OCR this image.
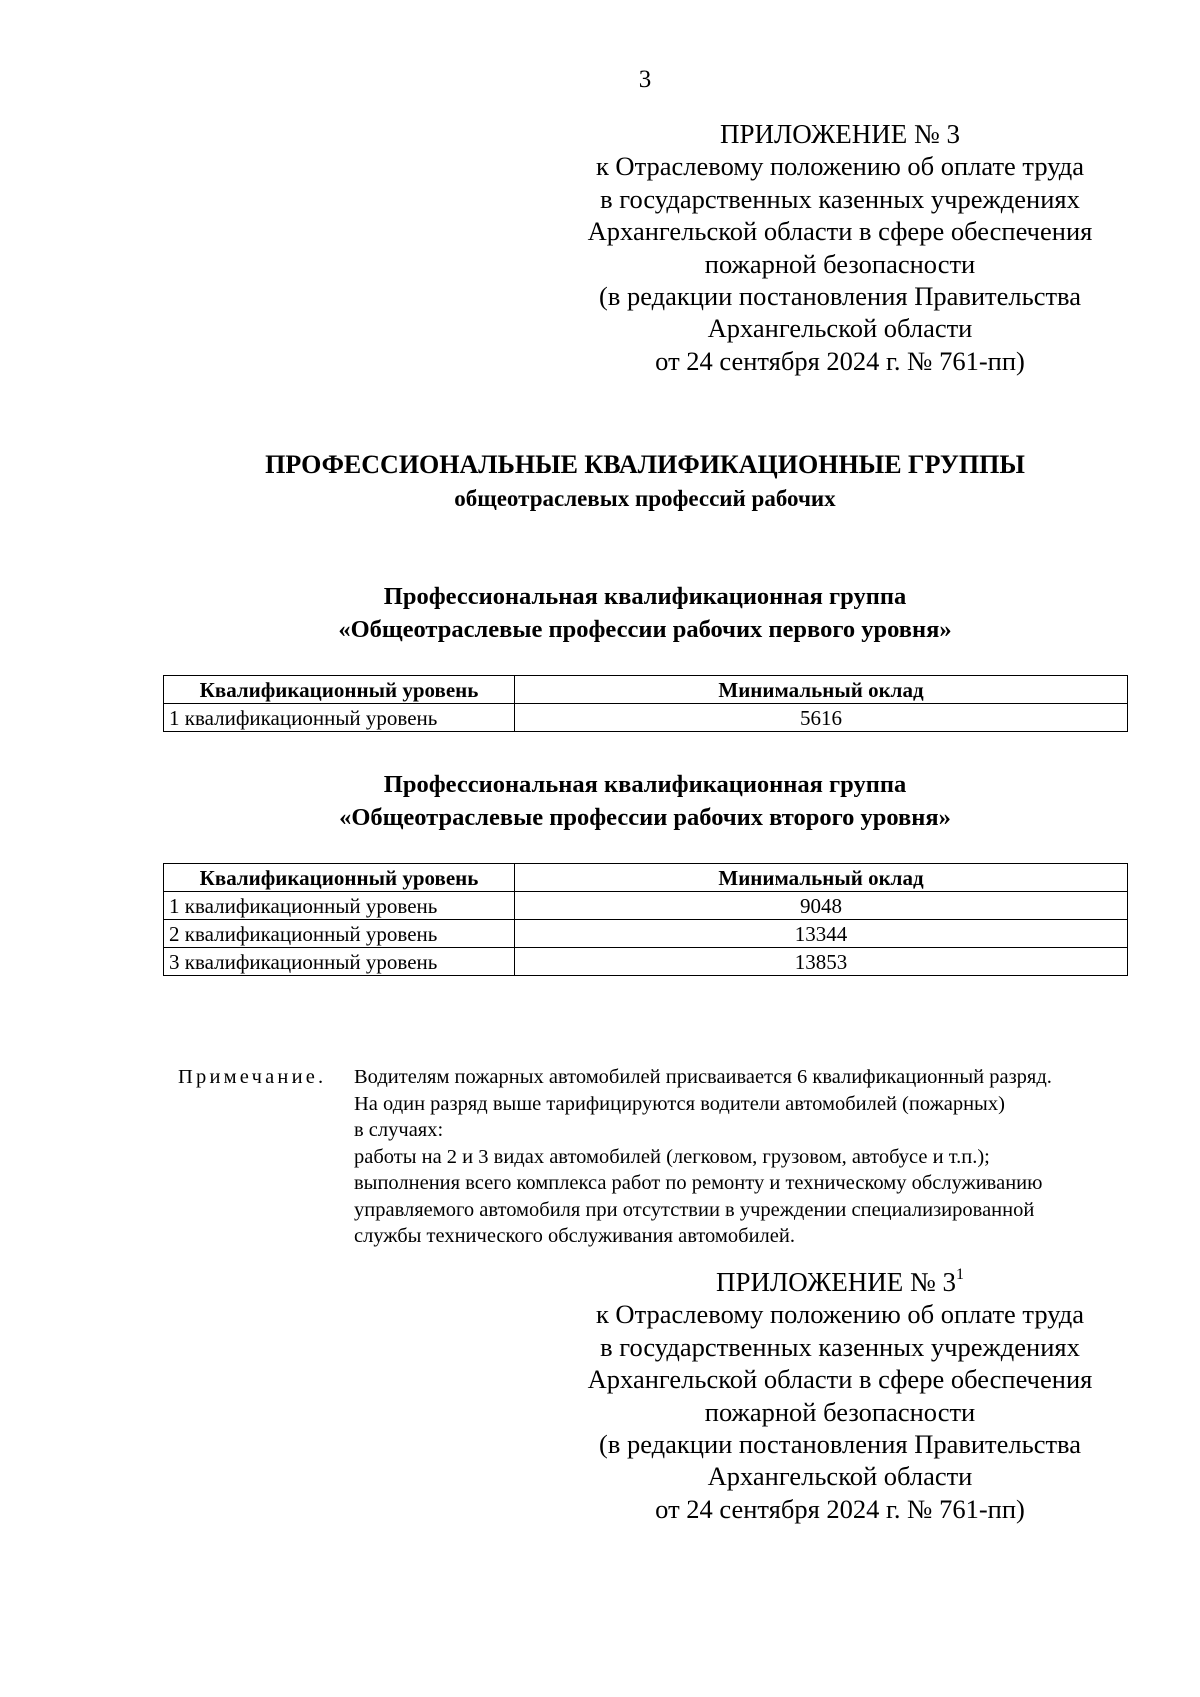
3
ПРИЛОЖЕНИЕ № 3
к Отраслевому положению об оплате труда
в государственных казенных учреждениях
Архангельской области в сфере обеспечения
пожарной безопасности
(в редакции постановления Правительства
Архангельской области
от 24 сентября 2024 г. № 761-пп)
ПРОФЕССИОНАЛЬНЫЕ КВАЛИФИКАЦИОННЫЕ ГРУППЫ
общеотраслевых профессий рабочих
Профессиональная квалификационная группа
«Общеотраслевые профессии рабочих первого уровня»
Квалификационный уровень	Минимальный оклад
1 квалификационный уровень	5616
Профессиональная квалификационная группа
«Общеотраслевые профессии рабочих второго уровня»
Квалификационный уровень	Минимальный оклад
1 квалификационный уровень	9048
2 квалификационный уровень	13344
3 квалификационный уровень	13853
Примечание. Водителям пожарных автомобилей присваивается 6 квалификационный разряд.
На один разряд выше тарифицируются водители автомобилей (пожарных)
в случаях:
работы на 2 и 3 видах автомобилей (легковом, грузовом, автобусе и т.п.);
выполнения всего комплекса работ по ремонту и техническому обслуживанию
управляемого автомобиля при отсутствии в учреждении специализированной
службы технического обслуживания автомобилей.
ПРИЛОЖЕНИЕ № $3^1$
к Отраслевому положению об оплате труда
в государственных казенных учреждениях
Архангельской области в сфере обеспечения
пожарной безопасности
(в редакции постановления Правительства
Архангельской области
от 24 сентября 2024 г. № 761-пп)
